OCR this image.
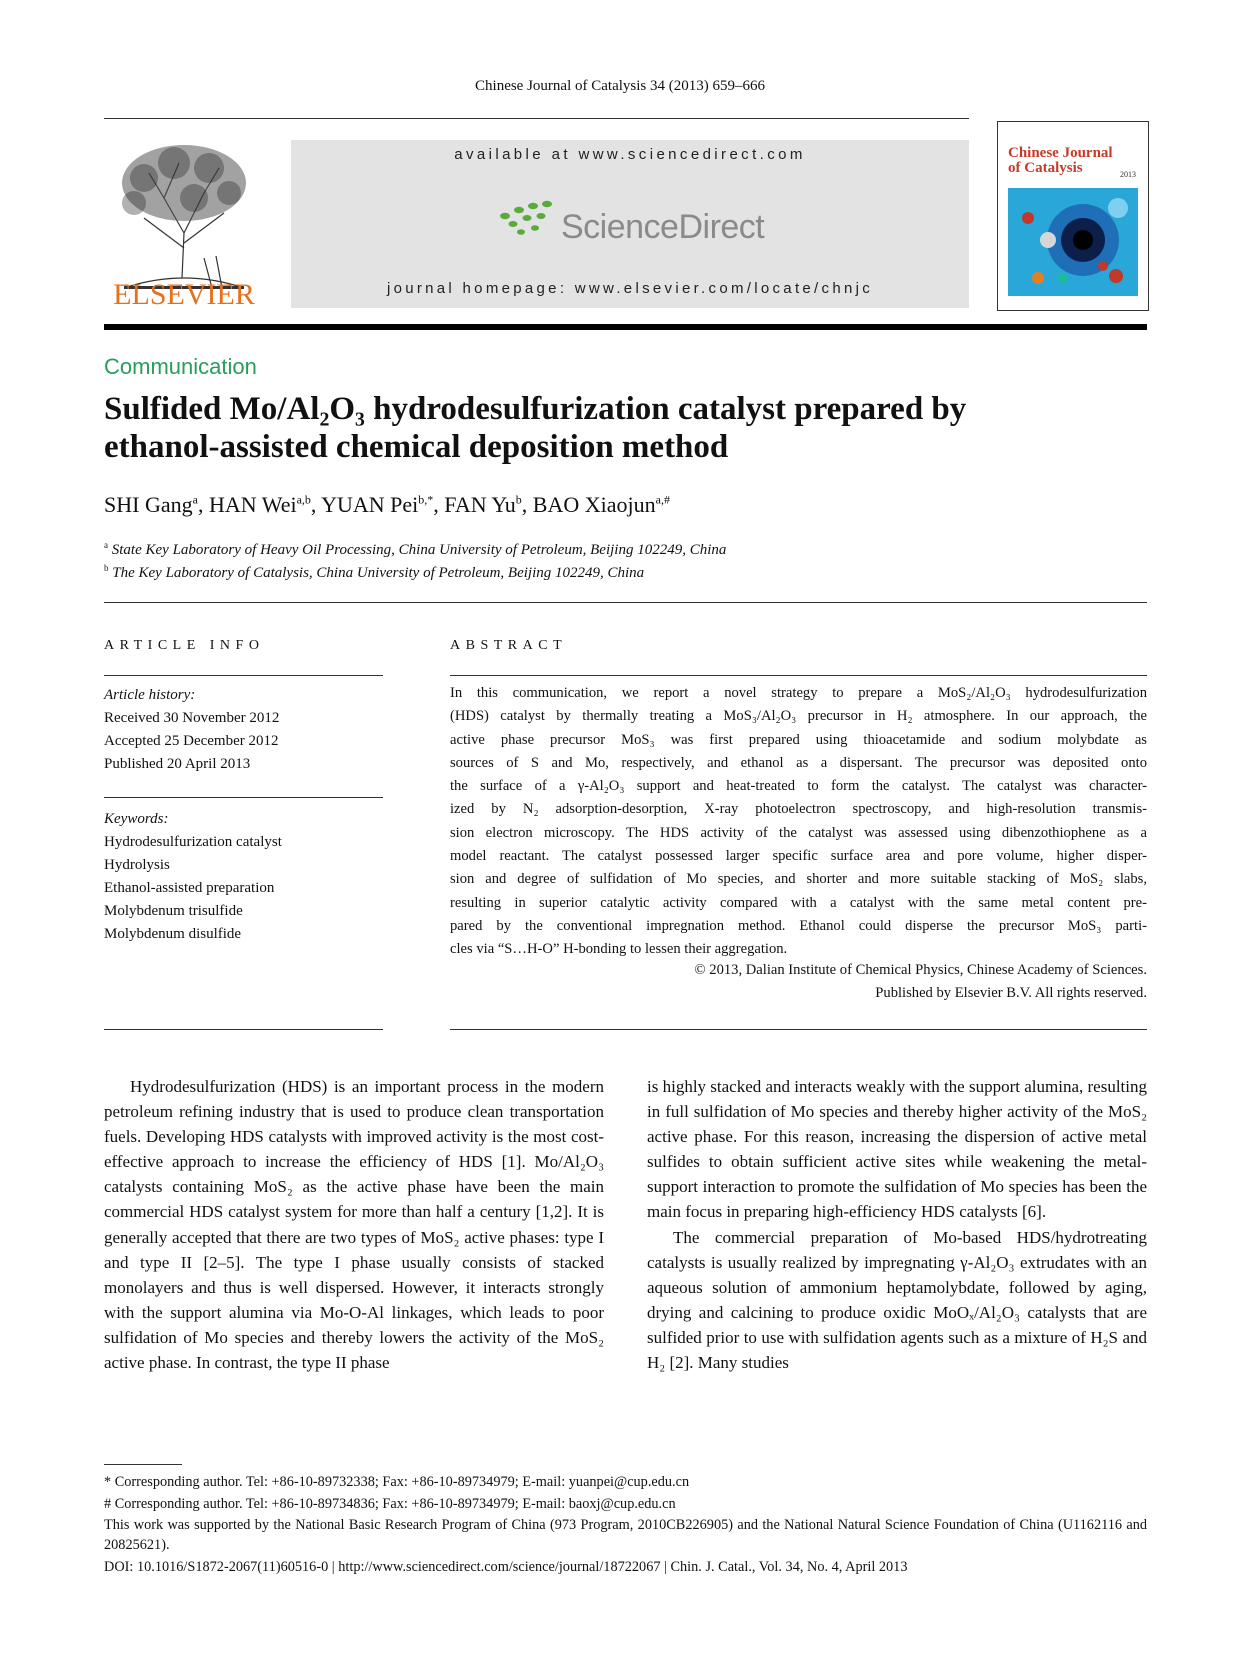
Chinese Journal of Catalysis 34 (2013) 659–666
ELSEVIER
available at www.sciencedirect.com
ScienceDirect
journal homepage: www.elsevier.com/locate/chnjc
Chinese Journal
of Catalysis	2013
Communication
Sulfided Mo/Al₂O₃ hydrodesulfurization catalyst prepared by
ethanol-assisted chemical deposition method
SHI Gang$^a$, HAN Wei$^{a,b}$, YUAN Pei$^{b,*}$, FAN Yu$^b$, BAO Xiaojun$^{a,\#}$
$^a$ State Key Laboratory of Heavy Oil Processing, China University of Petroleum, Beijing 102249, China
$^b$ The Key Laboratory of Catalysis, China University of Petroleum, Beijing 102249, China
ARTICLE INFO
Article history:
Received 30 November 2012
Accepted 25 December 2012
Published 20 April 2013
Keywords:
Hydrodesulfurization catalyst
Hydrolysis
Ethanol-assisted preparation
Molybdenum trisulfide
Molybdenum disulfide
ABSTRACT
In this communication, we report a novel strategy to prepare a MoS₂/Al₂O₃ hydrodesulfurization
(HDS) catalyst by thermally treating a MoS₃/Al₂O₃ precursor in H₂ atmosphere. In our approach, the
active phase precursor MoS₃ was first prepared using thioacetamide and sodium molybdate as
sources of S and Mo, respectively, and ethanol as a dispersant. The precursor was deposited onto
the surface of a γ-Al₂O₃ support and heat-treated to form the catalyst. The catalyst was character-
ized by N₂ adsorption-desorption, X-ray photoelectron spectroscopy, and high-resolution transmis-
sion electron microscopy. The HDS activity of the catalyst was assessed using dibenzothiophene as a
model reactant. The catalyst possessed larger specific surface area and pore volume, higher disper-
sion and degree of sulfidation of Mo species, and shorter and more suitable stacking of MoS₂ slabs,
resulting in superior catalytic activity compared with a catalyst with the same metal content pre-
pared by the conventional impregnation method. Ethanol could disperse the precursor MoS₃ parti-
cles via “S…H-O” H-bonding to lessen their aggregation.
© 2013, Dalian Institute of Chemical Physics, Chinese Academy of Sciences.
Published by Elsevier B.V. All rights reserved.

Hydrodesulfurization (HDS) is an important process in the modern petroleum refining industry that is used to produce clean transportation fuels. Developing HDS catalysts with improved activity is the most cost-effective approach to increase the efficiency of HDS [1]. Mo/Al₂O₃ catalysts containing MoS₂ as the active phase have been the main commercial HDS catalyst system for more than half a century [1,2]. It is generally accepted that there are two types of MoS₂ active phases: type I and type II [2–5]. The type I phase usually consists of stacked monolayers and thus is well dispersed. However, it interacts strongly with the support alumina via Mo-O-Al linkages, which leads to poor sulfidation of Mo species and thereby lowers the activity of the MoS₂ active phase. In contrast, the type II phase

is highly stacked and interacts weakly with the support alumina, resulting in full sulfidation of Mo species and thereby higher activity of the MoS₂ active phase. For this reason, increasing the dispersion of active metal sulfides to obtain sufficient active sites while weakening the metal-support interaction to promote the sulfidation of Mo species has been the main focus in preparing high-efficiency HDS catalysts [6].

The commercial preparation of Mo-based HDS/hydrotreating catalysts is usually realized by impregnating γ-Al₂O₃ extrudates with an aqueous solution of ammonium heptamolybdate, followed by aging, drying and calcining to produce oxidic MoOₓ/Al₂O₃ catalysts that are sulfided prior to use with sulfidation agents such as a mixture of H₂S and H₂ [2]. Many studies

* Corresponding author. Tel: +86-10-89732338; Fax: +86-10-89734979; E-mail: yuanpei@cup.edu.cn
# Corresponding author. Tel: +86-10-89734836; Fax: +86-10-89734979; E-mail: baoxj@cup.edu.cn
This work was supported by the National Basic Research Program of China (973 Program, 2010CB226905) and the National Natural Science Foundation of China (U1162116 and 20825621).
DOI: 10.1016/S1872-2067(11)60516-0 | http://www.sciencedirect.com/science/journal/18722067 | Chin. J. Catal., Vol. 34, No. 4, April 2013
